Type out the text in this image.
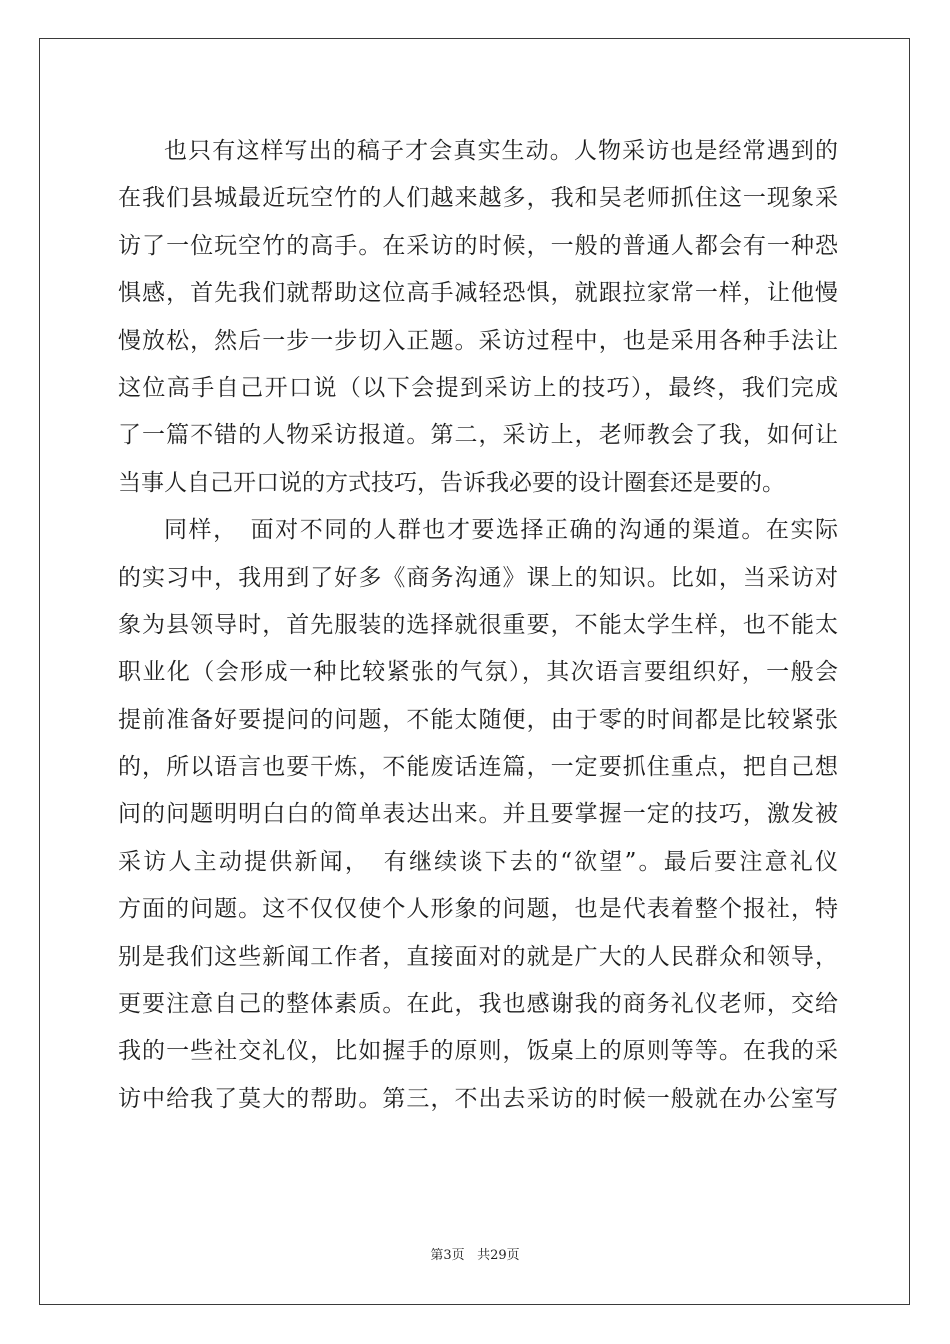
也只有这样写出的稿子才会真实生动。人物采访也是经常遇到的
在我们县城最近玩空竹的人们越来越多，我和吴老师抓住这一现象采
访了一位玩空竹的高手。在采访的时候，一般的普通人都会有一种恐
惧感，首先我们就帮助这位高手减轻恐惧，就跟拉家常一样，让他慢
慢放松，然后一步一步切入正题。采访过程中，也是采用各种手法让
这位高手自己开口说（以下会提到采访上的技巧），最终，我们完成
了一篇不错的人物采访报道。第二，采访上，老师教会了我，如何让
当事人自己开口说的方式技巧，告诉我必要的设计圈套还是要的。
同样，　面对不同的人群也才要选择正确的沟通的渠道。在实际
的实习中，我用到了好多《商务沟通》课上的知识。比如，当采访对
象为县领导时，首先服装的选择就很重要，不能太学生样，也不能太
职业化（会形成一种比较紧张的气氛），其次语言要组织好，一般会
提前准备好要提问的问题，不能太随便，由于零的时间都是比较紧张
的，所以语言也要干炼，不能废话连篇，一定要抓住重点，把自己想
问的问题明明白白的简单表达出来。并且要掌握一定的技巧，激发被
采访人主动提供新闻，　有继续谈下去的“欲望”。最后要注意礼仪
方面的问题。这不仅仅使个人形象的问题，也是代表着整个报社，特
别是我们这些新闻工作者，直接面对的就是广大的人民群众和领导，
更要注意自己的整体素质。在此，我也感谢我的商务礼仪老师，交给
我的一些社交礼仪，比如握手的原则，饭桌上的原则等等。在我的采
访中给我了莫大的帮助。第三，不出去采访的时候一般就在办公室写
第3页 共29页
